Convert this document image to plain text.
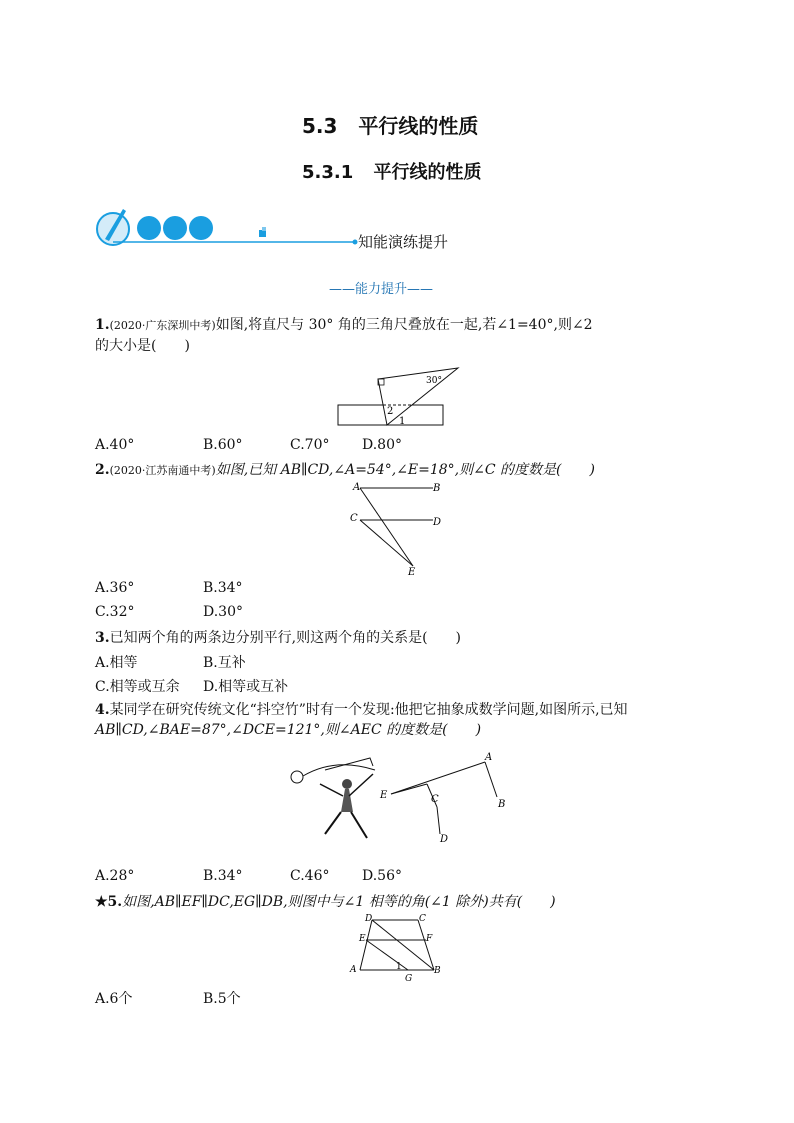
5.3 平行线的性质
5.3.1 平行线的性质
知能演练提升
——能力提升——
1.(2020·广东深圳中考)如图,将直尺与 30° 角的三角尺叠放在一起,若∠1=40°,则∠2
的大小是(　　)
30°
2
1
A.40°	B.60°	C.70° D.80°
2.(2020·江苏南通中考)如图,已知 AB∥CD,∠A=54°,∠E=18°,则∠C 的度数是(　　)
A	B
C	D
E
A.36°	B.34°
C.32°	D.30°
3.已知两个角的两条边分别平行,则这两个角的关系是(　　)
A.相等	B.互补
C.相等或互余 D.相等或互补
4.某同学在研究传统文化“抖空竹”时有一个发现:他把它抽象成数学问题,如图所示,已知
AB∥CD,∠BAE=87°,∠DCE=121°,则∠AEC 的度数是(　　)
A
B
C
D
E
A.28°	B.34°	C.46° D.56°
★5.如图,AB∥EF∥DC,EG∥DB,则图中与∠1 相等的角(∠1 除外)共有(　　)
D	C
E	F
A	1
G
B
A.6个	B.5个
